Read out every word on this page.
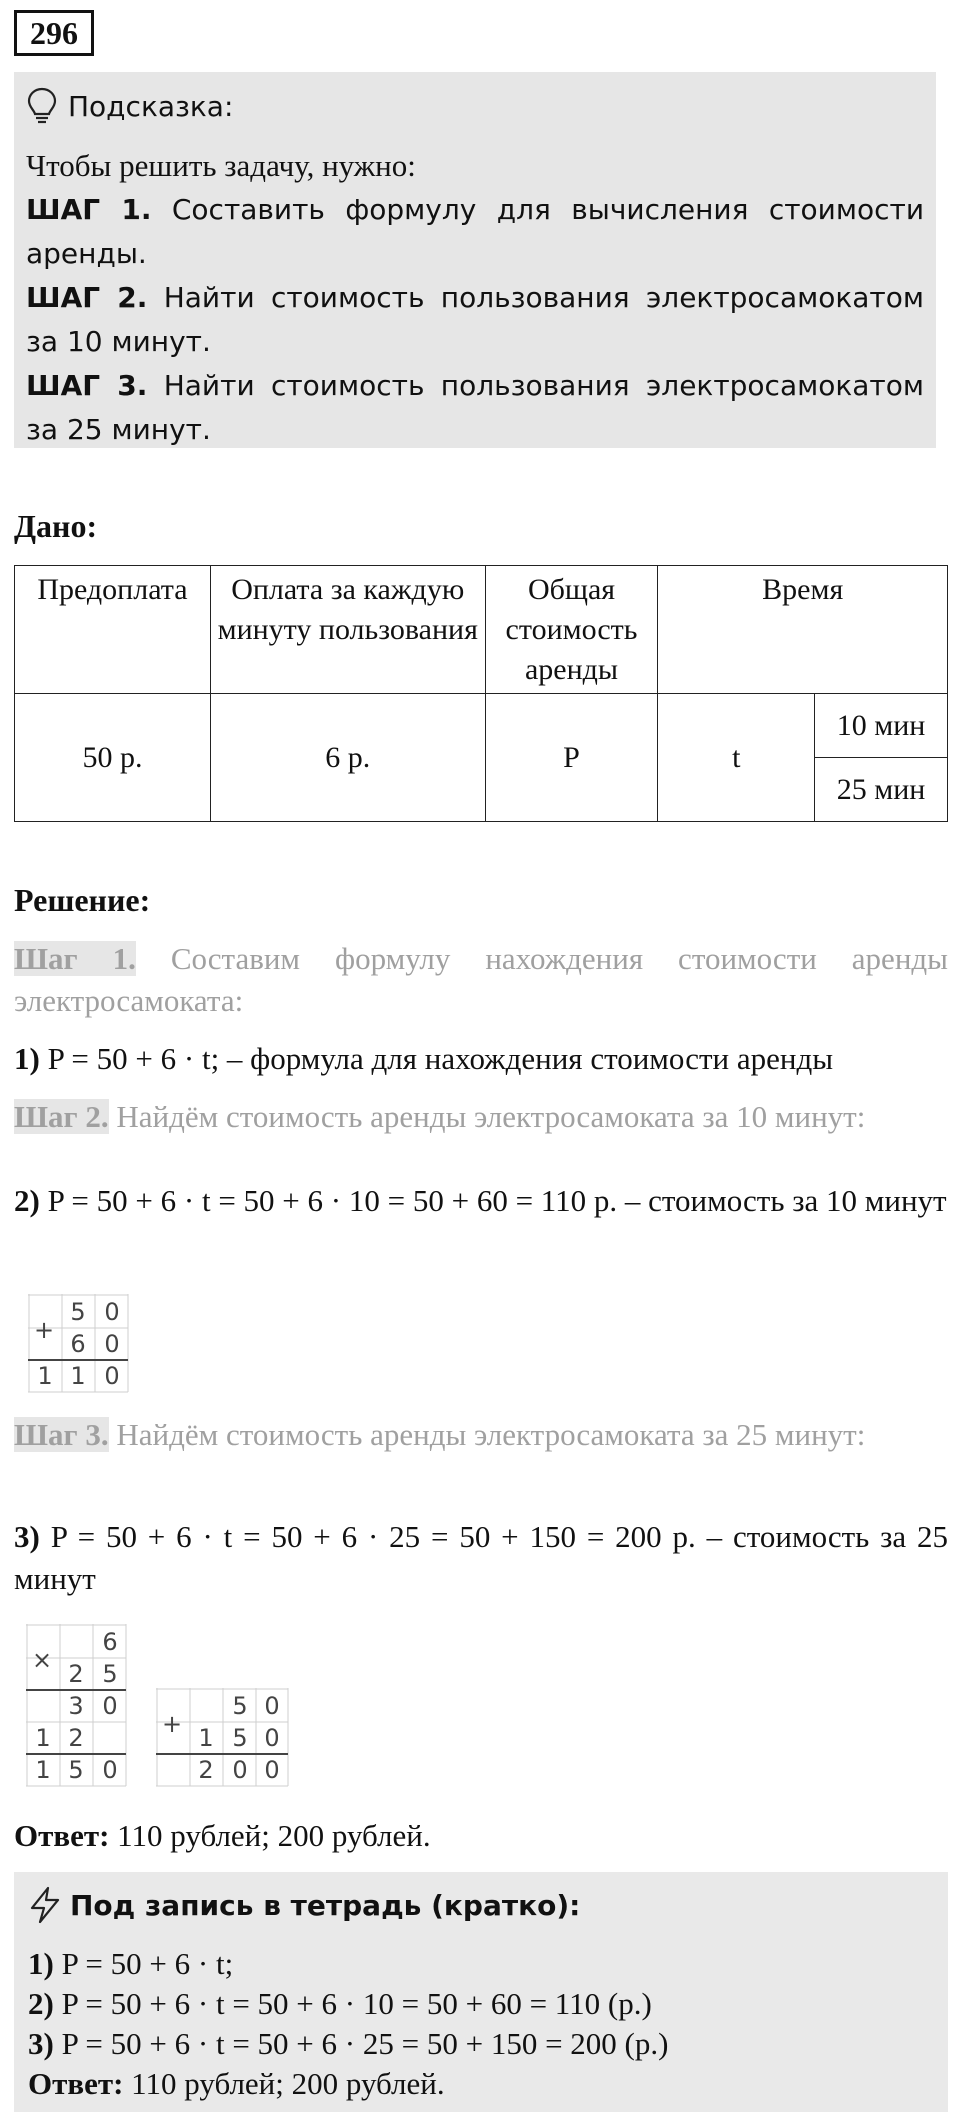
296
Подсказка:
Чтобы решить задачу, нужно:
ШАГ 1. Составить формулу для вычисления стоимости аренды.
ШАГ 2. Найти стоимость пользования электросамокатом за 10 минут.
ШАГ 3. Найти стоимость пользования электросамокатом за 25 минут.
Дано:
Предоплата	Оплата за каждую минуту пользования	Общая стоимость аренды	Время	
50 р.	6 р.	P	t	10 мин
				25 мин
Решение:
Шаг 1. Составим формулу нахождения стоимости аренды электросамоката:
1) P = 50 + 6 · t; – формула для нахождения стоимости аренды
Шаг 2. Найдём стоимость аренды электросамоката за 10 минут:
2) P = 50 + 6 · t = 50 + 6 · 10 = 50 + 60 = 110 р. – стоимость за 10 минут
+
5 0
6 0
1 1 0
Шаг 3. Найдём стоимость аренды электросамоката за 25 минут:
3) P = 50 + 6 · t = 50 + 6 · 25 = 50 + 150 = 200 р. – стоимость за 25 минут
×
6
2 5
3 0
1 2
1 5 0
+
5 0
1 5 0
2 0 0
Ответ: 110 рублей; 200 рублей.
Под запись в тетрадь (кратко):
1) P = 50 + 6 · t;
2) P = 50 + 6 · t = 50 + 6 · 10 = 50 + 60 = 110 (р.)
3) P = 50 + 6 · t = 50 + 6 · 25 = 50 + 150 = 200 (р.)
Ответ: 110 рублей; 200 рублей.
